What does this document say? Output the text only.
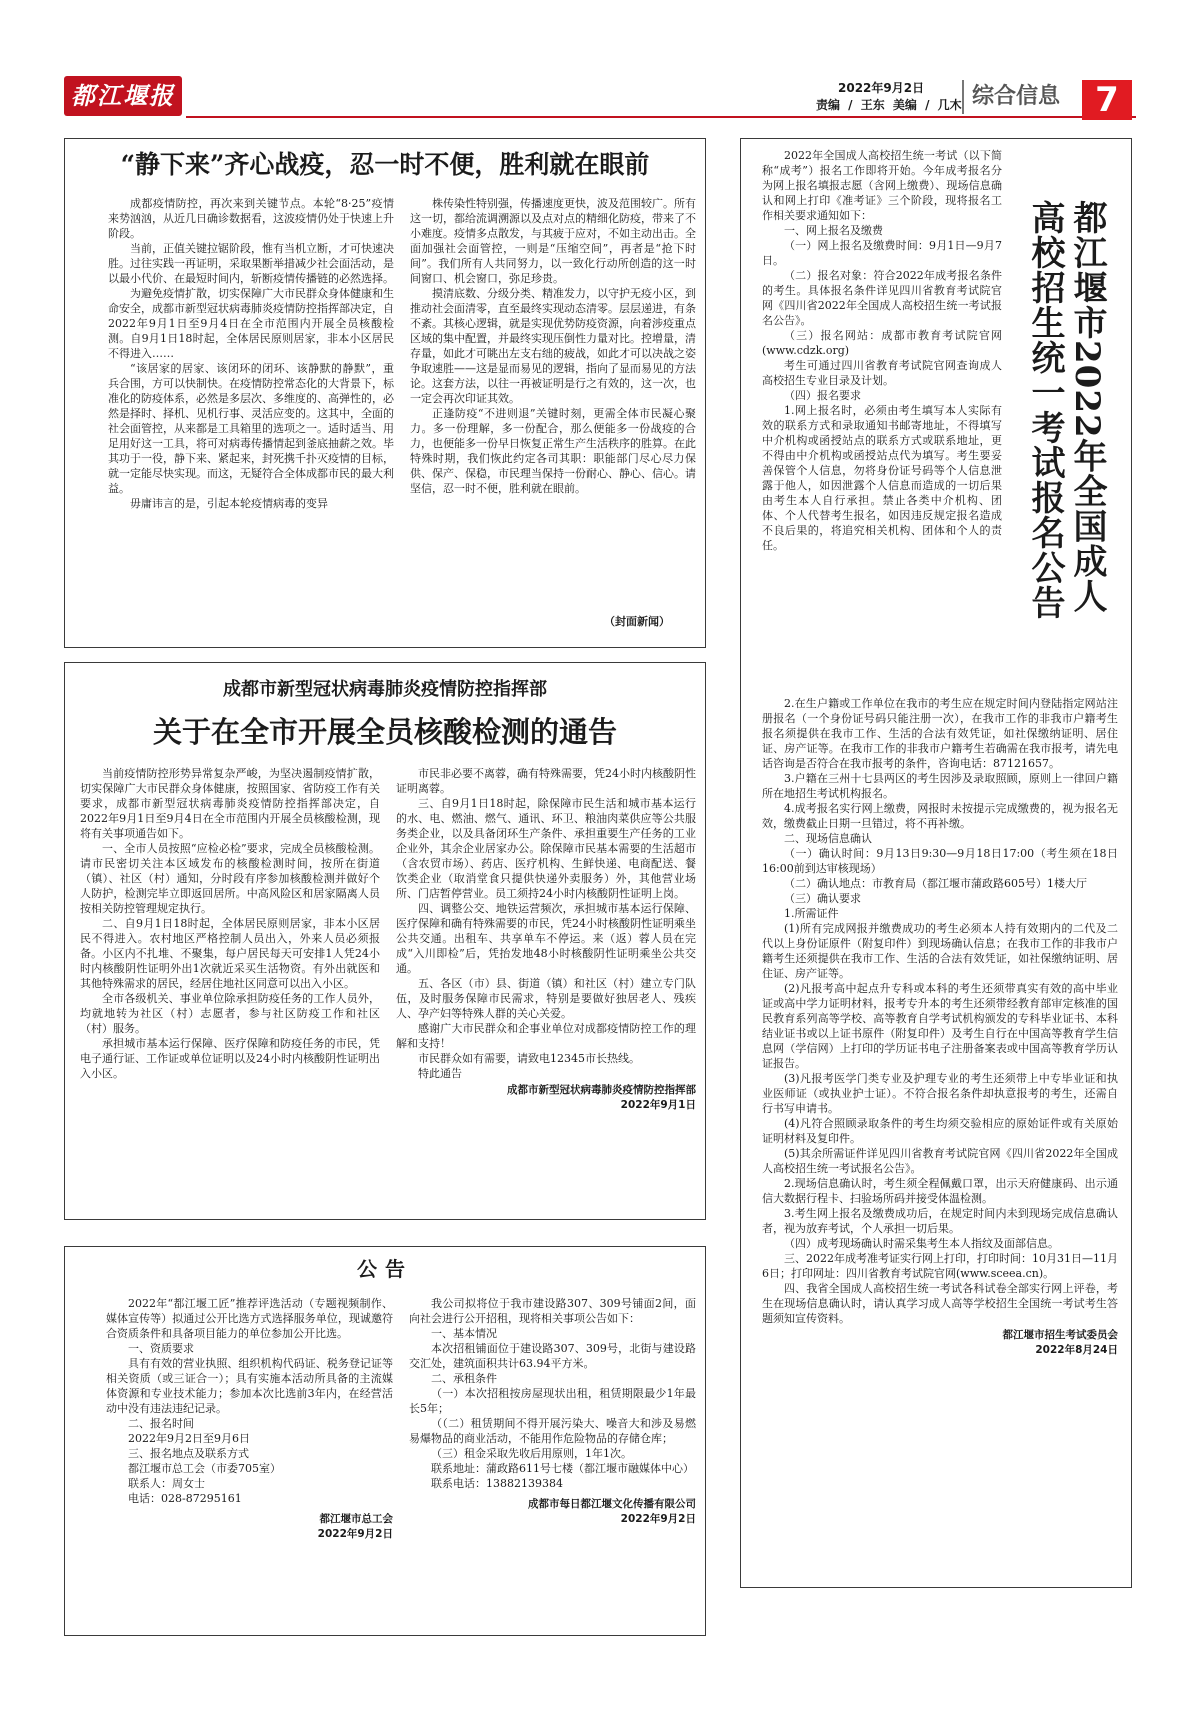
都江堰报	2022年9月2日
责编 / 王东 美编 / 几木 综合信息	7
“静下来”齐心战疫，忍一时不便，胜利就在眼前

成都疫情防控，再次来到关键节点。本轮“8·25”疫情来势汹汹，从近几日确诊数据看，这波疫情仍处于快速上升阶段。

当前，正值关键拉锯阶段，惟有当机立断，才可快速决胜。过往实践一再证明，采取果断举措减少社会面活动，是以最小代价、在最短时间内，斩断疫情传播链的必然选择。

为避免疫情扩散，切实保障广大市民群众身体健康和生命安全，成都市新型冠状病毒肺炎疫情防控指挥部决定，自2022年9月1日至9月4日在全市范围内开展全员核酸检测。自9月1日18时起，全体居民原则居家，非本小区居民不得进入……

“该居家的居家、该闭环的闭环、该静默的静默”，重兵合围，方可以快制快。在疫情防控常态化的大背景下，标准化的防疫体系，必然是多层次、多维度的、高弹性的，必然是择时、择机、见机行事、灵活应变的。这其中，全面的社会面管控，从来都是工具箱里的选项之一。适时适当、用足用好这一工具，将可对病毒传播情起到釜底抽薪之效。毕其功于一役，静下来、紧起来，封死携千扑灭疫情的目标，就一定能尽快实现。而这，无疑符合全体成都市民的最大利益。

毋庸讳言的是，引起本轮疫情病毒的变异

株传染性特别强，传播速度更快，波及范围较广。所有这一切，都给流调溯源以及点对点的精细化防疫，带来了不小难度。疫情多点散发，与其疲于应对，不如主动出击。全面加强社会面管控，一则是“压缩空间”，再者是“抢下时间”。我们所有人共同努力，以一致化行动所创造的这一时间窗口、机会窗口，弥足珍贵。

摸清底数、分级分类、精准发力，以守护无疫小区，到推动社会面清零，直至最终实现动态清零。层层递进，有条不紊。其核心逻辑，就是实现优势防疫资源，向着涉疫重点区域的集中配置，并最终实现压倒性力量对比。控增量，清存量，如此才可眺出左支右绌的疲战，如此才可以决战之姿争取速胜——这是显而易见的逻辑，指向了显而易见的方法论。这套方法，以往一再被证明是行之有效的，这一次，也一定会再次印证其效。

正逢防疫“不进则退”关键时刻，更需全体市民凝心聚力。多一份理解，多一份配合，那么便能多一份战疫的合力，也便能多一份早日恢复正常生产生活秩序的胜算。在此特殊时期，我们恢此约定各司其职：职能部门尽心尽力保供、保产、保稳，市民理当保持一份耐心、静心、信心。请坚信，忍一时不便，胜利就在眼前。

（封面新闻）
成都市新型冠状病毒肺炎疫情防控指挥部
关于在全市开展全员核酸检测的通告

当前疫情防控形势异常复杂严峻，为坚决遏制疫情扩散，切实保障广大市民群众身体健康，按照国家、省防疫工作有关要求，成都市新型冠状病毒肺炎疫情防控指挥部决定，自2022年9月1日至9月4日在全市范围内开展全员核酸检测，现将有关事项通告如下。

一、全市人员按照“应检必检”要求，完成全员核酸检测。请市民密切关注本区域发布的核酸检测时间，按所在街道（镇）、社区（村）通知，分时段有序参加核酸检测并做好个人防护，检测完毕立即返回居所。中高风险区和居家隔离人员按相关防控管理规定执行。

二、自9月1日18时起，全体居民原则居家，非本小区居民不得进入。农村地区严格控制人员出入，外来人员必须报备。小区内不扎堆、不聚集，每户居民每天可安排1人凭24小时内核酸阴性证明外出1次就近采买生活物资。有外出就医和其他特殊需求的居民，经居住地社区同意可以出入小区。

全市各级机关、事业单位除承担防疫任务的工作人员外，均就地转为社区（村）志愿者，参与社区防疫工作和社区（村）服务。

承担城市基本运行保障、医疗保障和防疫任务的市民，凭电子通行证、工作证或单位证明以及24小时内核酸阴性证明出入小区。

市民非必要不离蓉，确有特殊需要，凭24小时内核酸阴性证明离蓉。

三、自9月1日18时起，除保障市民生活和城市基本运行的水、电、燃油、燃气、通讯、环卫、粮油肉菜供应等公共服务类企业，以及具备闭环生产条件、承担重要生产任务的工业企业外，其余企业居家办公。除保障市民基本需要的生活超市（含农贸市场）、药店、医疗机构、生鲜快递、电商配送、餐饮类企业（取消堂食只提供快递外卖服务）外，其他营业场所、门店暂停营业。员工须持24小时内核酸阴性证明上岗。

四、调整公交、地铁运营频次，承担城市基本运行保障、医疗保障和确有特殊需要的市民，凭24小时核酸阴性证明乘坐公共交通。出租车、共享单车不停运。来（返）蓉人员在完成“入川即检”后，凭抬发地48小时核酸阴性证明乘坐公共交通。

五、各区（市）县、街道（镇）和社区（村）建立专门队伍，及时服务保障市民需求，特别是要做好独居老人、残疾人、孕产妇等特殊人群的关心关爱。

感谢广大市民群众和企事业单位对成都疫情防控工作的理解和支持！

市民群众如有需要，请致电12345市长热线。

特此通告

成都市新型冠状病毒肺炎疫情防控指挥部
2022年9月1日
公告

2022年“都江堰工匠”推荐评选活动（专题视频制作、媒体宣传等）拟通过公开比选方式选择服务单位，现诚邀符合资质条件和具备项目能力的单位参加公开比选。

一、资质要求

具有有效的营业执照、组织机构代码证、税务登记证等相关资质（或三证合一）；具有实施本活动所具备的主流媒体资源和专业技术能力；参加本次比选前3年内，在经营活动中没有违法违纪记录。

二、报名时间

2022年9月2日至9月6日

三、报名地点及联系方式

都江堰市总工会（市委705室）

联系人：周女士

电话：028-87295161

都江堰市总工会
2022年9月2日

我公司拟将位于我市建设路307、309号铺面2间，面向社会进行公开招租，现将相关事项公告如下：

一、基本情况

本次招租铺面位于建设路307、309号，北街与建设路交汇处，建筑面积共计63.94平方米。

二、承租条件

（一）本次招租按房屋现状出租，租赁期限最少1年最长5年；

（（二）租赁期间不得开展污染大、噪音大和涉及易燃易爆物品的商业活动，不能用作危险物品的存储仓库；

（三）租金采取先收后用原则，1年1次。

联系地址：蒲政路611号七楼（都江堰市融媒体中心）

联系电话：13882139384

成都市每日都江堰文化传播有限公司
2022年9月2日
都江堰市2022年全国成人高校招生统一考试报名公告

2022年全国成人高校招生统一考试（以下简称“成考”）报名工作即将开始。今年成考报名分为网上报名填报志愿（含网上缴费）、现场信息确认和网上打印《准考证》三个阶段，现将报名工作相关要求通知如下：

一、网上报名及缴费

（一）网上报名及缴费时间：9月1日—9月7日。

（二）报名对象：符合2022年成考报名条件的考生。具体报名条件详见四川省教育考试院官网《四川省2022年全国成人高校招生统一考试报名公告》。

（三）报名网站：成都市教育考试院官网(www.cdzk.org)

考生可通过四川省教育考试院官网查询成人高校招生专业目录及计划。

（四）报名要求

1.网上报名时，必须由考生填写本人实际有效的联系方式和录取通知书邮寄地址，不得填写中介机构或函授站点的联系方式或联系地址，更不得由中介机构或函授站点代为填写。考生要妥善保管个人信息，勿将身份证号码等个人信息泄露于他人，如因泄露个人信息而造成的一切后果由考生本人自行承担。禁止各类中介机构、团体、个人代替考生报名，如因违反规定报名造成不良后果的，将追究相关机构、团体和个人的责任。

2.在生户籍或工作单位在我市的考生应在规定时间内登陆指定网站注册报名（一个身份证号码只能注册一次），在我市工作的非我市户籍考生报名须提供在我市工作、生活的合法有效凭证，如社保缴纳证明、居住证、房产证等。在我市工作的非我市户籍考生若确需在我市报考，请先电话咨询是否符合在我市报考的条件，咨询电话：87121657。

3.户籍在三州十七县两区的考生因涉及录取照顾，原则上一律回户籍所在地招生考试机构报名。

4.成考报名实行网上缴费，网报时未按提示完成缴费的，视为报名无效，缴费截止日期一旦错过，将不再补缴。

二、现场信息确认

（一）确认时间：9月13日9:30—9月18日17:00（考生须在18日16:00前到达审核现场）

（二）确认地点：市教育局（都江堰市蒲政路605号）1楼大厅

（三）确认要求

1.所需证件

(1)所有完成网报并缴费成功的考生必须本人持有效期内的二代及二代以上身份证原件（附复印件）到现场确认信息；在我市工作的非我市户籍考生还须提供在我市工作、生活的合法有效凭证，如社保缴纳证明、居住证、房产证等。

(2)凡报考高中起点升专科或本科的考生还须带真实有效的高中毕业证或高中学力证明材料，报考专升本的考生还须带经教育部审定核准的国民教育系列高等学校、高等教育自学考试机构颁发的专科毕业证书、本科结业证书或以上证书原件（附复印件）及考生自行在中国高等教育学生信息网（学信网）上打印的学历证书电子注册备案表或中国高等教育学历认证报告。

(3)凡报考医学门类专业及护理专业的考生还须带上中专毕业证和执业医师证（或执业护士证）。不符合报名条件却执意报考的考生，还需自行书写申请书。

(4)凡符合照顾录取条件的考生均须交验相应的原始证件或有关原始证明材料及复印件。

(5)其余所需证件详见四川省教育考试院官网《四川省2022年全国成人高校招生统一考试报名公告》。

2.现场信息确认时，考生须全程佩戴口罩，出示天府健康码、出示通信大数据行程卡、扫验场所码并接受体温检测。

3.考生网上报名及缴费成功后，在规定时间内未到现场完成信息确认者，视为放弃考试，个人承担一切后果。

（四）成考现场确认时需采集考生本人指纹及面部信息。

三、2022年成考准考证实行网上打印，打印时间：10月31日—11月6日；打印网址：四川省教育考试院官网(www.sceea.cn)。

四、我省全国成人高校招生统一考试各科试卷全部实行网上评卷，考生在现场信息确认时，请认真学习成人高等学校招生全国统一考试考生答题须知宣传资料。

都江堰市招生考试委员会
2022年8月24日
